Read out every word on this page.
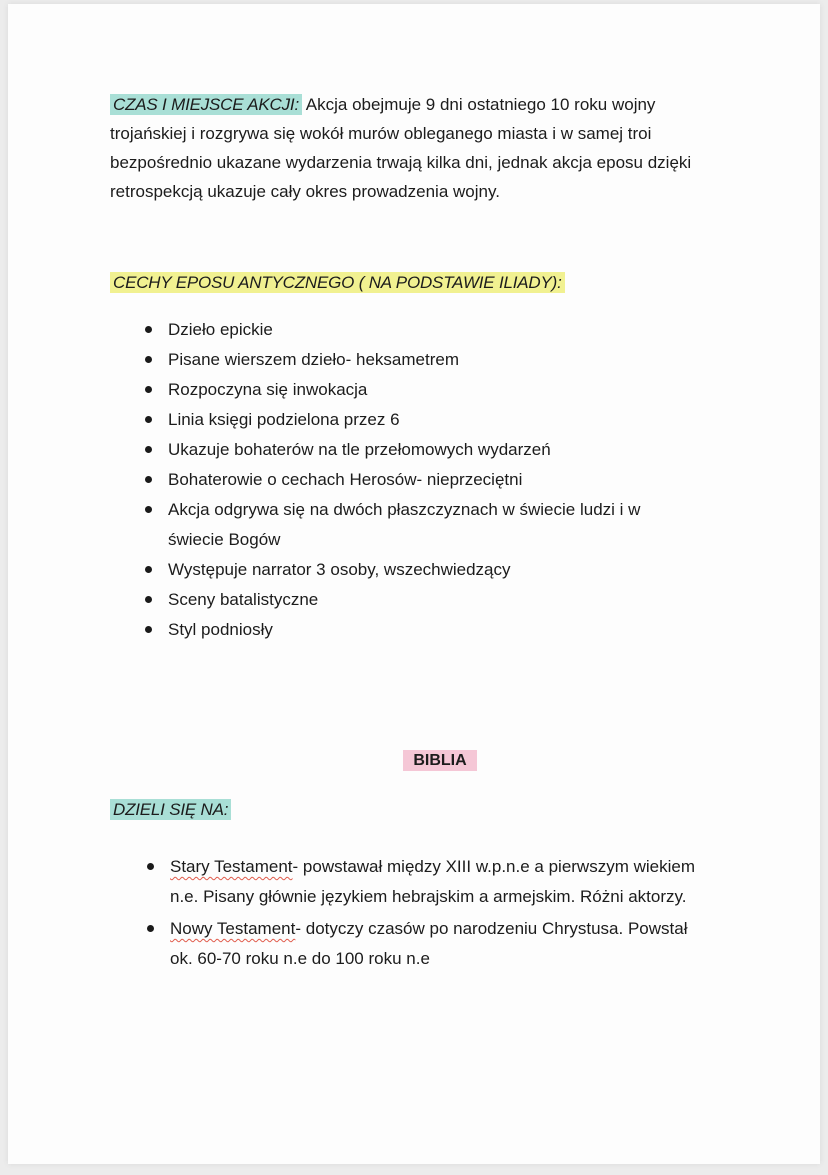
CZAS I MIEJSCE AKCJI: Akcja obejmuje 9 dni ostatniego 10 roku wojny trojańskiej i rozgrywa się wokół murów obleganego miasta i w samej troi bezpośrednio ukazane wydarzenia trwają kilka dni, jednak akcja eposu dzięki retrospekcją ukazuje cały okres prowadzenia wojny.

CECHY EPOSU ANTYCZNEGO ( NA PODSTAWIE ILIADY):
Dzieło epickie
Pisane wierszem dzieło- heksametrem
Rozpoczyna się inwokacja
Linia księgi podzielona przez 6
Ukazuje bohaterów na tle przełomowych wydarzeń
Bohaterowie o cechach Herosów- nieprzeciętni
Akcja odgrywa się na dwóch płaszczyznach w świecie ludzi i w świecie Bogów
Występuje narrator 3 osoby, wszechwiedzący
Sceny batalistyczne
Styl podniosły
BIBLIA
DZIELI SIĘ NA:
Stary Testament- powstawał między XIII w.p.n.e a pierwszym wiekiem n.e. Pisany głównie językiem hebrajskim a armejskim. Różni aktorzy.
Nowy Testament- dotyczy czasów po narodzeniu Chrystusa. Powstał ok. 60-70 roku n.e do 100 roku n.e
